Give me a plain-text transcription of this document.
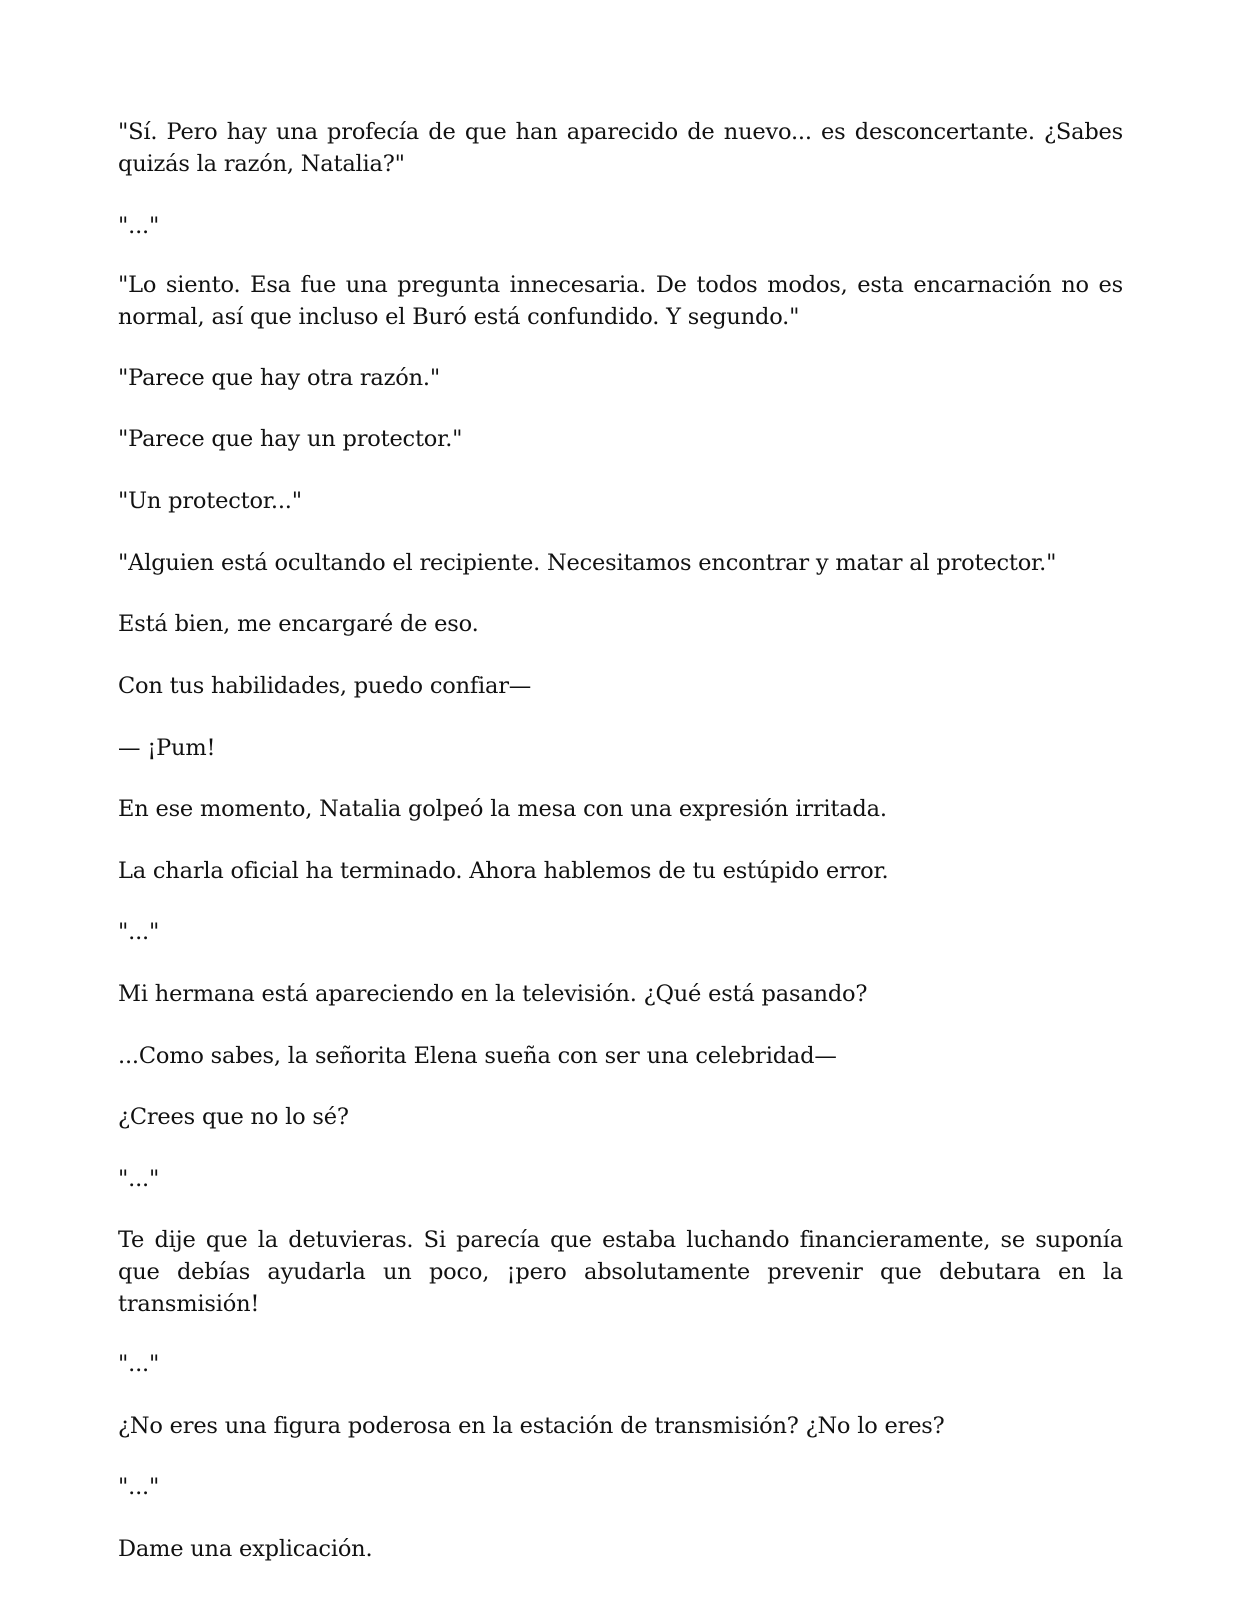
"Sí. Pero hay una profecía de que han aparecido de nuevo... es desconcertante. ¿Sabes quizás la razón, Natalia?"

"..."

"Lo siento. Esa fue una pregunta innecesaria. De todos modos, esta encarnación no es normal, así que incluso el Buró está confundido. Y segundo."

"Parece que hay otra razón."

"Parece que hay un protector."

"Un protector..."

"Alguien está ocultando el recipiente. Necesitamos encontrar y matar al protector."

Está bien, me encargaré de eso.

Con tus habilidades, puedo confiar—

— ¡Pum!

En ese momento, Natalia golpeó la mesa con una expresión irritada.

La charla oficial ha terminado. Ahora hablemos de tu estúpido error.

"..."

Mi hermana está apareciendo en la televisión. ¿Qué está pasando?

...Como sabes, la señorita Elena sueña con ser una celebridad—

¿Crees que no lo sé?

"..."

Te dije que la detuvieras. Si parecía que estaba luchando financieramente, se suponía que debías ayudarla un poco, ¡pero absolutamente prevenir que debutara en la transmisión!

"..."

¿No eres una figura poderosa en la estación de transmisión? ¿No lo eres?

"..."

Dame una explicación.
